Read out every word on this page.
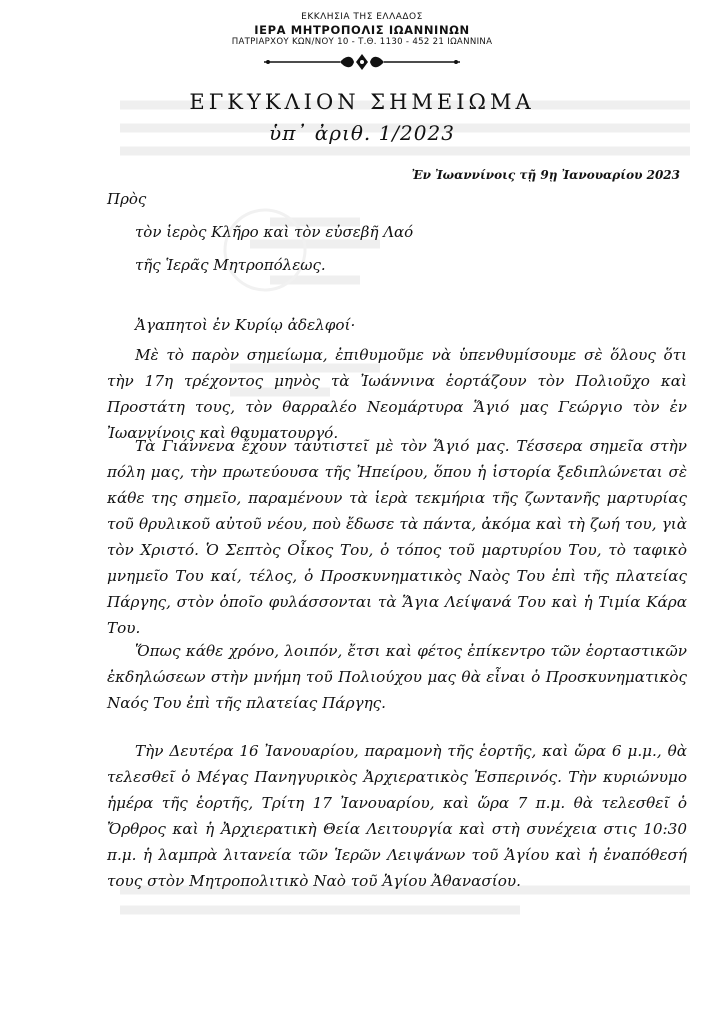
ΕΚΚΛΗΣΙΑ ΤΗΣ ΕΛΛΑΔΟΣ
ΙΕΡΑ ΜΗΤΡΟΠΟΛΙΣ ΙΩΑΝΝΙΝΩΝ
ΠΑΤΡΙΑΡΧΟΥ ΚΩΝ/ΝΟΥ 10 - Τ.Θ. 1130 - 452 21 ΙΩΑΝΝΙΝΑ
ΕΓΚΥΚΛΙΟΝ ΣΗΜΕΙΩΜΑ
ὑπ᾽ ἀριθ. 1/2023
Ἐν Ἰωαννίνοις τῇ 9ῃ Ἰανουαρίου 2023
Πρὸς
τὸν ἱερὸς Κλῆρο καὶ τὸν εὐσεβῆ Λαό
τῆς Ἱερᾶς Μητροπόλεως.
Ἀγαπητοὶ ἐν Κυρίῳ ἀδελφοί·

Μὲ τὸ παρὸν σημείωμα, ἐπιθυμοῦμε νὰ ὑπενθυμίσουμε σὲ ὅλους ὅτι τὴν 17η τρέχοντος μηνὸς τὰ Ἰωάννινα ἑορτάζουν τὸν Πολιοῦχο καὶ Προστάτη τους, τὸν θαρραλέο Νεομάρτυρα Ἅγιό μας Γεώργιο τὸν ἐν Ἰωαννίνοις καὶ θαυματουργό.

Τὰ Γιάννενα ἔχουν ταυτιστεῖ μὲ τὸν Ἅγιό μας. Τέσσερα σημεῖα στὴν πόλη μας, τὴν πρωτεύουσα τῆς Ἠπείρου, ὅπου ἡ ἱστορία ξεδιπλώνεται σὲ κάθε της σημεῖο, παραμένουν τὰ ἱερὰ τεκμήρια τῆς ζωντανῆς μαρτυρίας τοῦ θρυλικοῦ αὐτοῦ νέου, ποὺ ἔδωσε τὰ πάντα, ἀκόμα καὶ τὴ ζωή του, γιὰ τὸν Χριστό. Ὁ Σεπτὸς Οἶκος Του, ὁ τόπος τοῦ μαρτυρίου Του, τὸ ταφικὸ μνημεῖο Του καί, τέλος, ὁ Προσκυνηματικὸς Ναὸς Του ἐπὶ τῆς πλατείας Πάργης, στὸν ὁποῖο φυλάσσονται τὰ Ἅγια Λείψανά Του καὶ ἡ Τιμία Κάρα Του.

Ὅπως κάθε χρόνο, λοιπόν, ἔτσι καὶ φέτος ἐπίκεντρο τῶν ἑορταστικῶν ἐκδηλώσεων στὴν μνήμη τοῦ Πολιούχου μας θὰ εἶναι ὁ Προσκυνηματικὸς Ναός Του ἐπὶ τῆς πλατείας Πάργης.

Τὴν Δευτέρα 16 Ἰανουαρίου, παραμονὴ τῆς ἑορτῆς, καὶ ὥρα 6 μ.μ., θὰ τελεσθεῖ ὁ Μέγας Πανηγυρικὸς Ἀρχιερατικὸς Ἑσπερινός. Τὴν κυριώνυμο ἡμέρα τῆς ἑορτῆς, Τρίτη 17 Ἰανουαρίου, καὶ ὥρα 7 π.μ. θὰ τελεσθεῖ ὁ Ὄρθρος καὶ ἡ Ἀρχιερατικὴ Θεία Λειτουργία καὶ στὴ συνέχεια στις 10:30 π.μ. ἡ λαμπρὰ λιτανεία τῶν Ἱερῶν Λειψάνων τοῦ Ἁγίου καὶ ἡ ἐναπόθεσή τους στὸν Μητροπολιτικὸ Ναὸ τοῦ Ἁγίου Ἀθανασίου.
